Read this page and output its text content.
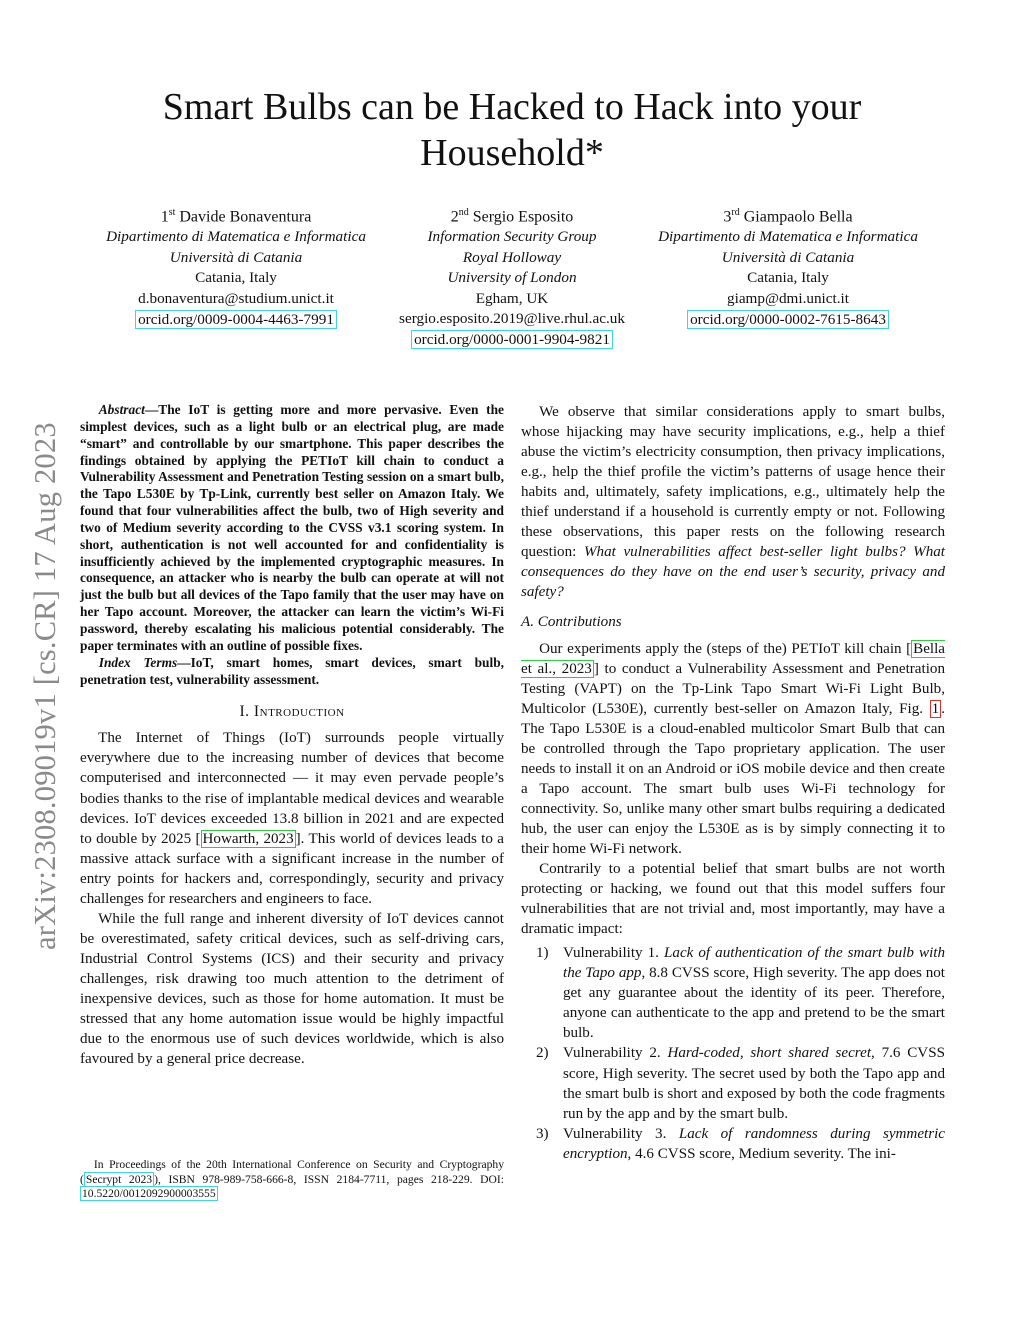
arXiv:2308.09019v1 [cs.CR] 17 Aug 2023
Smart Bulbs can be Hacked to Hack into your
Household*
1st Davide Bonaventura
Dipartimento di Matematica e Informatica
Università di Catania
Catania, Italy
d.bonaventura@studium.unict.it
orcid.org/0009-0004-4463-7991
2nd Sergio Esposito
Information Security Group
Royal Holloway
University of London
Egham, UK
sergio.esposito.2019@live.rhul.ac.uk
orcid.org/0000-0001-9904-9821
3rd Giampaolo Bella
Dipartimento di Matematica e Informatica
Università di Catania
Catania, Italy
giamp@dmi.unict.it
orcid.org/0000-0002-7615-8643

Abstract—The IoT is getting more and more pervasive. Even the simplest devices, such as a light bulb or an electrical plug, are made “smart” and controllable by our smartphone. This paper describes the findings obtained by applying the PETIoT kill chain to conduct a Vulnerability Assessment and Penetration Testing session on a smart bulb, the Tapo L530E by Tp-Link, currently best seller on Amazon Italy. We found that four vulnerabilities affect the bulb, two of High severity and two of Medium severity according to the CVSS v3.1 scoring system. In short, authentication is not well accounted for and confidentiality is insufficiently achieved by the implemented cryptographic measures. In consequence, an attacker who is nearby the bulb can operate at will not just the bulb but all devices of the Tapo family that the user may have on her Tapo account. Moreover, the attacker can learn the victim’s Wi-Fi password, thereby escalating his malicious potential considerably. The paper terminates with an outline of possible fixes.

Index Terms—IoT, smart homes, smart devices, smart bulb, penetration test, vulnerability assessment.

I. Introduction

The Internet of Things (IoT) surrounds people virtually everywhere due to the increasing number of devices that become computerised and interconnected — it may even pervade people’s bodies thanks to the rise of implantable medical devices and wearable devices. IoT devices exceeded 13.8 billion in 2021 and are expected to double by 2025 [ Howarth, 2023 ]. This world of devices leads to a massive attack surface with a significant increase in the number of entry points for hackers and, correspondingly, security and privacy challenges for researchers and engineers to face.

While the full range and inherent diversity of IoT devices cannot be overestimated, safety critical devices, such as self-driving cars, Industrial Control Systems (ICS) and their security and privacy challenges, risk drawing too much attention to the detriment of inexpensive devices, such as those for home automation. It must be stressed that any home automation issue would be highly impactful due to the enormous use of such devices worldwide, which is also favoured by a general price decrease.

In Proceedings of the 20th International Conference on Security and Cryptography ( Secrypt 2023 ), ISBN 978-989-758-666-8, ISSN 2184-7711, pages 218-229. DOI: 10.5220/0012092900003555

We observe that similar considerations apply to smart bulbs, whose hijacking may have security implications, e.g., help a thief abuse the victim’s electricity consumption, then privacy implications, e.g., help the thief profile the victim’s patterns of usage hence their habits and, ultimately, safety implications, e.g., ultimately help the thief understand if a household is currently empty or not. Following these observations, this paper rests on the following research question: What vulnerabilities affect best-seller light bulbs? What consequences do they have on the end user’s security, privacy and safety?

A. Contributions

Our experiments apply the (steps of the) PETIoT kill chain [ Bella et al., 2023 ] to conduct a Vulnerability Assessment and Penetration Testing (VAPT) on the Tp-Link Tapo Smart Wi-Fi Light Bulb, Multicolor (L530E), currently best-seller on Amazon Italy, Fig. 1 . The Tapo L530E is a cloud-enabled multicolor Smart Bulb that can be controlled through the Tapo proprietary application. The user needs to install it on an Android or iOS mobile device and then create a Tapo account. The smart bulb uses Wi-Fi technology for connectivity. So, unlike many other smart bulbs requiring a dedicated hub, the user can enjoy the L530E as is by simply connecting it to their home Wi-Fi network.

Contrarily to a potential belief that smart bulbs are not worth protecting or hacking, we found out that this model suffers four vulnerabilities that are not trivial and, most importantly, may have a dramatic impact:

1) Vulnerability 1. Lack of authentication of the smart bulb with the Tapo app, 8.8 CVSS score, High severity. The app does not get any guarantee about the identity of its peer. Therefore, anyone can authenticate to the app and pretend to be the smart bulb.
2) Vulnerability 2. Hard-coded, short shared secret, 7.6 CVSS score, High severity. The secret used by both the Tapo app and the smart bulb is short and exposed by both the code fragments run by the app and by the smart bulb.
3) Vulnerability 3. Lack of randomness during symmetric encryption, 4.6 CVSS score, Medium severity. The ini-
